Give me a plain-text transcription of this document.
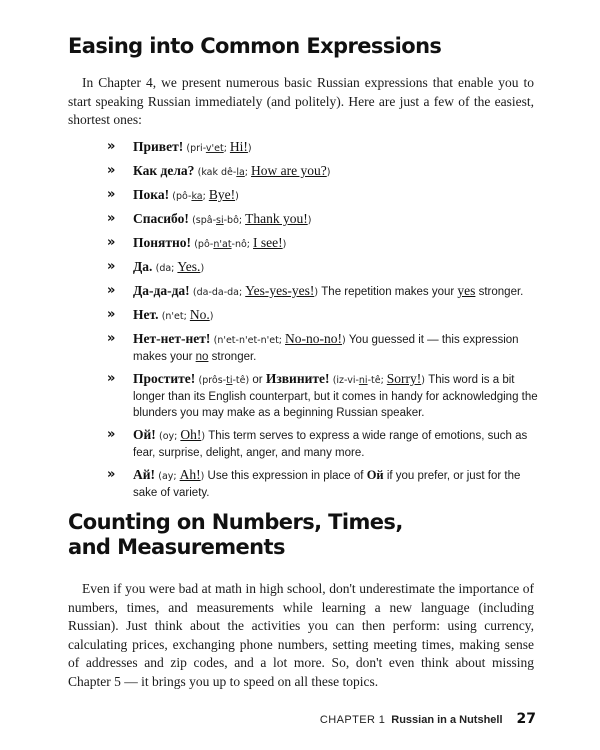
Easing into Common Expressions

In Chapter 4, we present numerous basic Russian expressions that enable you to start speaking Russian immediately (and politely). Here are just a few of the easiest, shortest ones:

» Привет! (pri-v'et; Hi!)
» Как дела? (kak dê-la; How are you?)
» Пока! (pô-ka; Bye!)
» Спасибо! (spâ-si-bô; Thank you!)
» Понятно! (pô-n'at-nô; I see!)
» Да. (da; Yes.)
» Да-да-да! (da-da-da; Yes-yes-yes!) The repetition makes your yes stronger.
» Нет. (n'et; No.)
» Нет-нет-нет! (n'et-n'et-n'et; No-no-no!) You guessed it — this expression makes your no stronger.
» Простите! (prôs-ti-tê) or Извините! (iz-vi-ni-tê; Sorry!) This word is a bit longer than its English counterpart, but it comes in handy for acknowledging the blunders you may make as a beginning Russian speaker.
» Ой! (oy; Oh!) This term serves to express a wide range of emotions, such as fear, surprise, delight, anger, and many more.
» Ай! (ay; Ah!) Use this expression in place of Ой if you prefer, or just for the sake of variety.
Counting on Numbers, Times,
and Measurements

Even if you were bad at math in high school, don't underestimate the importance of numbers, times, and measurements while learning a new language (including Russian). Just think about the activities you can then perform: using currency, calculating prices, exchanging phone numbers, setting meeting times, making sense of addresses and zip codes, and a lot more. So, don't even think about missing Chapter 5 — it brings you up to speed on all these topics.

CHAPTER 1 Russian in a Nutshell 27
